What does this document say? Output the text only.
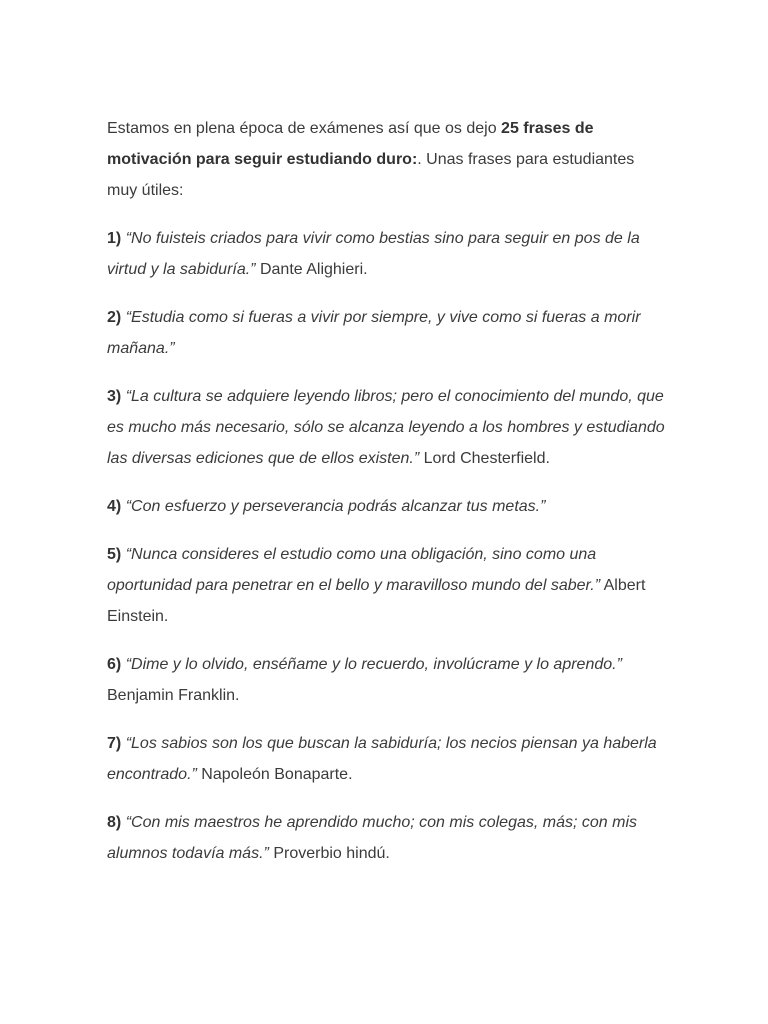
Estamos en plena época de exámenes así que os dejo 25 frases de motivación para seguir estudiando duro:. Unas frases para estudiantes muy útiles:

1) “No fuisteis criados para vivir como bestias sino para seguir en pos de la virtud y la sabiduría.” Dante Alighieri.

2) “Estudia como si fueras a vivir por siempre, y vive como si fueras a morir mañana.”

3) “La cultura se adquiere leyendo libros; pero el conocimiento del mundo, que es mucho más necesario, sólo se alcanza leyendo a los hombres y estudiando las diversas ediciones que de ellos existen.” Lord Chesterfield.

4) “Con esfuerzo y perseverancia podrás alcanzar tus metas.”

5) “Nunca consideres el estudio como una obligación, sino como una oportunidad para penetrar en el bello y maravilloso mundo del saber.” Albert Einstein.

6) “Dime y lo olvido, enséñame y lo recuerdo, involúcrame y lo aprendo.” Benjamin Franklin.

7) “Los sabios son los que buscan la sabiduría; los necios piensan ya haberla encontrado.” Napoleón Bonaparte.

8) “Con mis maestros he aprendido mucho; con mis colegas, más; con mis alumnos todavía más.” Proverbio hindú.
